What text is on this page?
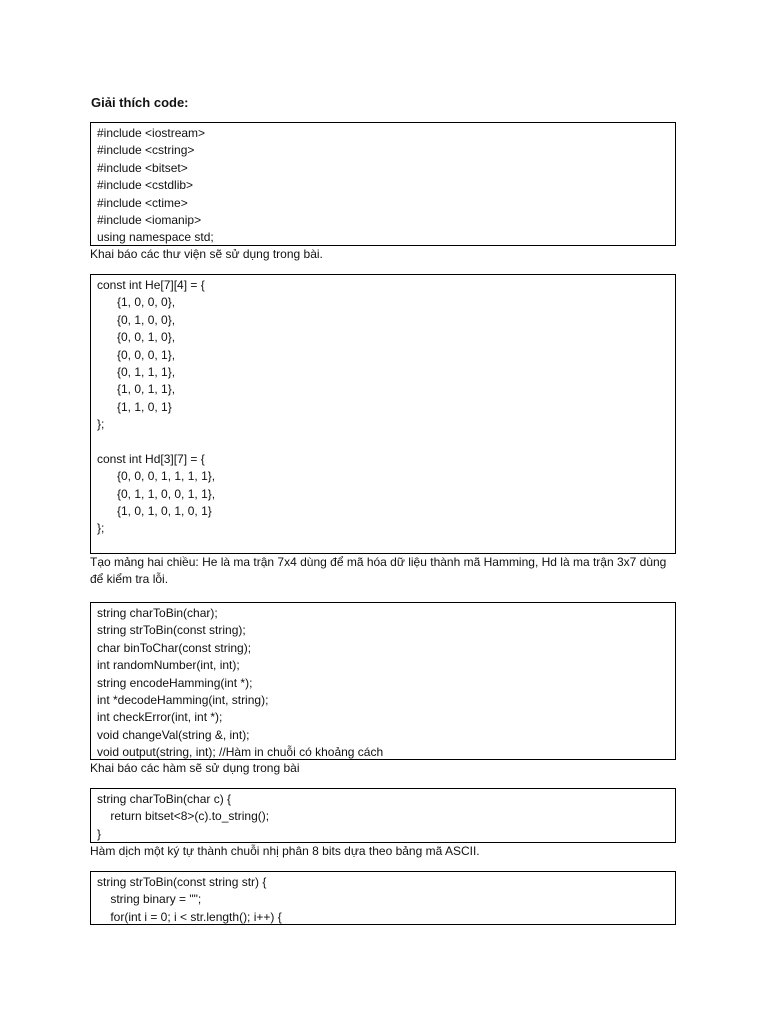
Giải thích code:
#include <iostream>
#include <cstring>
#include <bitset>
#include <cstdlib>
#include <ctime>
#include <iomanip>
using namespace std;
Khai báo các thư viện sẽ sử dụng trong bài.
const int He[7][4] = {
{1, 0, 0, 0},
{0, 1, 0, 0},
{0, 0, 1, 0},
{0, 0, 0, 1},
{0, 1, 1, 1},
{1, 0, 1, 1},
{1, 1, 0, 1}
};
const int Hd[3][7] = {
{0, 0, 0, 1, 1, 1, 1},
{0, 1, 1, 0, 0, 1, 1},
{1, 0, 1, 0, 1, 0, 1}
};
Tạo mảng hai chiều: He là ma trận 7x4 dùng để mã hóa dữ liệu thành mã Hamming, Hd là ma trận 3x7 dùng để kiểm tra lỗi.
string charToBin(char);
string strToBin(const string);
char binToChar(const string);
int randomNumber(int, int);
string encodeHamming(int *);
int *decodeHamming(int, string);
int checkError(int, int *);
void changeVal(string &, int);
void output(string, int); //Hàm in chuỗi có khoảng cách
Khai báo các hàm sẽ sử dụng trong bài
string charToBin(char c) {
return bitset<8>(c).to_string();
}
Hàm dịch một ký tự thành chuỗi nhị phân 8 bits dựa theo bảng mã ASCII.
string strToBin(const string str) {
string binary = "";
for(int i = 0; i < str.length(); i++) {
